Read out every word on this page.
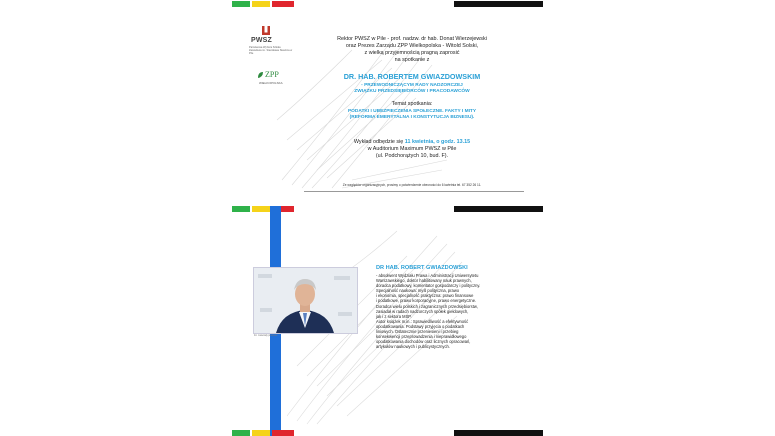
PWSZ
Państwowa Wyższa Szkoła Zawodowa im. Stanisława Staszica w Pile
ZPP
WIELKOPOLSKA
Rektor PWSZ w Pile - prof. nadzw. dr hab. Donat Wierzejewski
oraz Prezes Zarządu ZPP Wielkopolska - Witold Solski,
z wielką przyjemnością pragną zaprosić
na spotkanie z
DR. HAB. ROBERTEM GWIAZDOWSKIM
- PRZEWODNICZĄCYM RADY NADZORCZEJ
ZWIĄZKU PRZEDSIĘBIORCÓW I PRACODAWCÓW
Temat spotkania:
PODATKI I UBEZPIECZENIA SPOŁECZNE. FAKTY I MITY
(REFORMA EMERYTALNA I KONSTYTUCJA BIZNESU).
Wykład odbędzie się 11 kwietnia, o godz. 13.15
w Auditorium Maximum PWSZ w Pile
(ul. Podchorążych 10, bud. F).
Ze względów organizacyjnych, prosimy o potwierdzenie obecności do 6 kwietnia tel. 67 352 26 11.
fot. materiały prasowe
DR HAB. ROBERT GWIAZDOWSKI
- absolwent Wydziału Prawa i Administracji Uniwersytetu
Warszawskiego, doktor habilitowany nauk prawnych,
doradca podatkowy, komentator gospodarczy i polityczny.
Specjalność naukowa: myśl polityczna, prawo
i ekonomia, specjalność praktyczna: prawo finansowe
i podatkowe, prawo korporacyjne, prawo energetyczne.
Doradca wielu polskich i zagranicznych przedsiębiorstw,
zasiadał w radach nadzorczych spółek giełdowych,
jak i z sektora MŚP.
Autor książek m.in.: Sprawiedliwość a efektywność
opodatkowania. Podstawy przyjęcia o podatkach
liniowych. Ostatecznie przeniesieni i przebieg
konsekwencji przeprowadzenia i nieprawidłowego
opodatkowania dochodów oraz licznych opracowań,
artykułów naukowych i publicystycznych.
